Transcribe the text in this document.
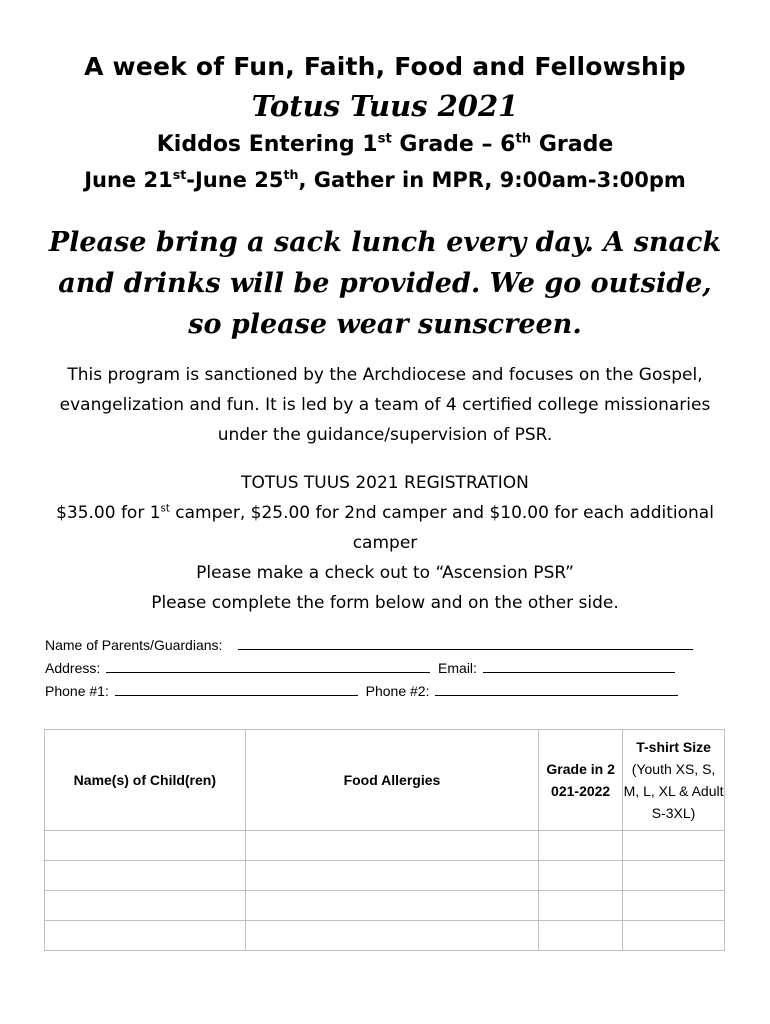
A week of Fun, Faith, Food and Fellowship
Totus Tuus 2021
Kiddos Entering 1st Grade – 6th Grade
June 21st-June 25th, Gather in MPR, 9:00am-3:00pm
Please bring a sack lunch every day. A snack and drinks will be provided. We go outside, so please wear sunscreen.
This program is sanctioned by the Archdiocese and focuses on the Gospel, evangelization and fun. It is led by a team of 4 certified college missionaries under the guidance/supervision of PSR.
TOTUS TUUS 2021 REGISTRATION
$35.00 for 1st camper, $25.00 for 2nd camper and $10.00 for each additional camper
Please make a check out to “Ascension PSR”
Please complete the form below and on the other side.
Name of Parents/Guardians:
Address:	Email:
Phone #1:	Phone #2:
Name(s) of Child(ren)	Food Allergies	Grade in 2021-2022	T-shirt Size
(Youth XS, S, M, L, XL & Adult S-3XL)
